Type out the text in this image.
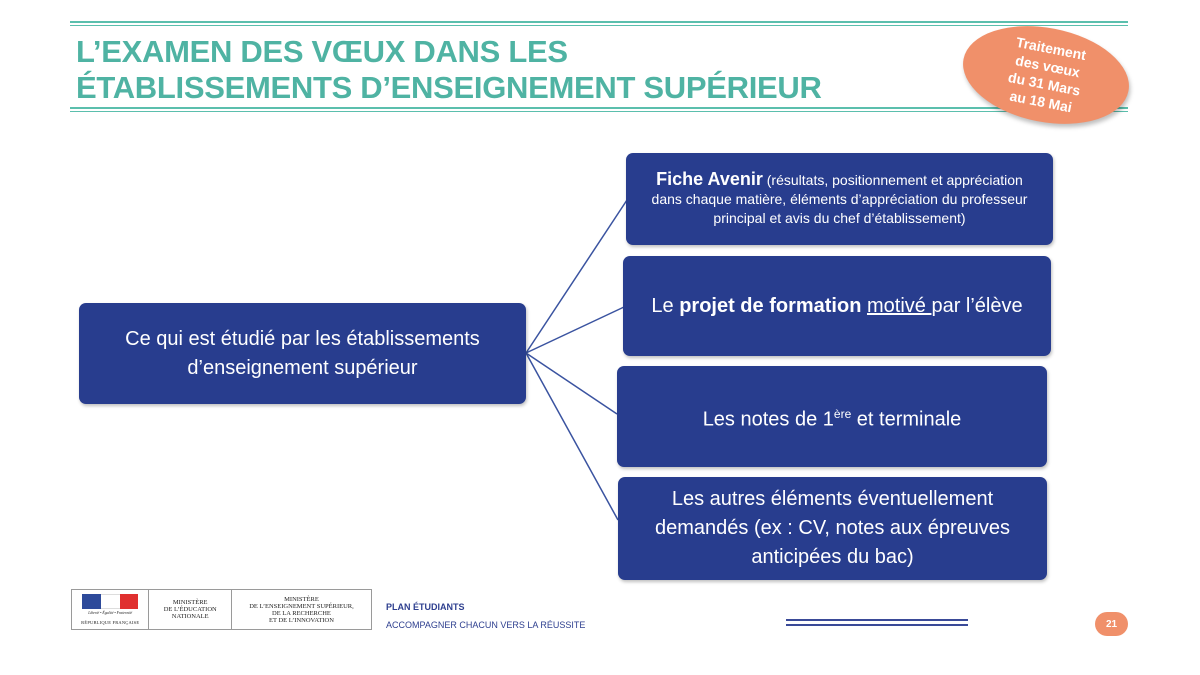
L’EXAMEN DES VŒUX DANS LES
ÉTABLISSEMENTS D’ENSEIGNEMENT SUPÉRIEUR
Traitement
des vœux
du 31 Mars
au 18 Mai
Ce qui est étudié par les établissements d’enseignement supérieur
Fiche Avenir (résultats, positionnement et appréciation dans chaque matière, éléments d’appréciation du professeur principal et avis du chef d’établissement)
Le projet de formation motivé par l’élève
Les notes de 1ère et terminale
Les autres éléments éventuellement demandés (ex : CV, notes aux épreuves anticipées du bac)
Liberté • Égalité • Fraternité
RÉPUBLIQUE FRANÇAISE
MINISTÈRE
DE L’ÉDUCATION
NATIONALE
MINISTÈRE
DE L’ENSEIGNEMENT SUPÉRIEUR,
DE LA RECHERCHE
ET DE L’INNOVATION
PLAN ÉTUDIANTS
ACCOMPAGNER CHACUN VERS LA RÉUSSITE	21
